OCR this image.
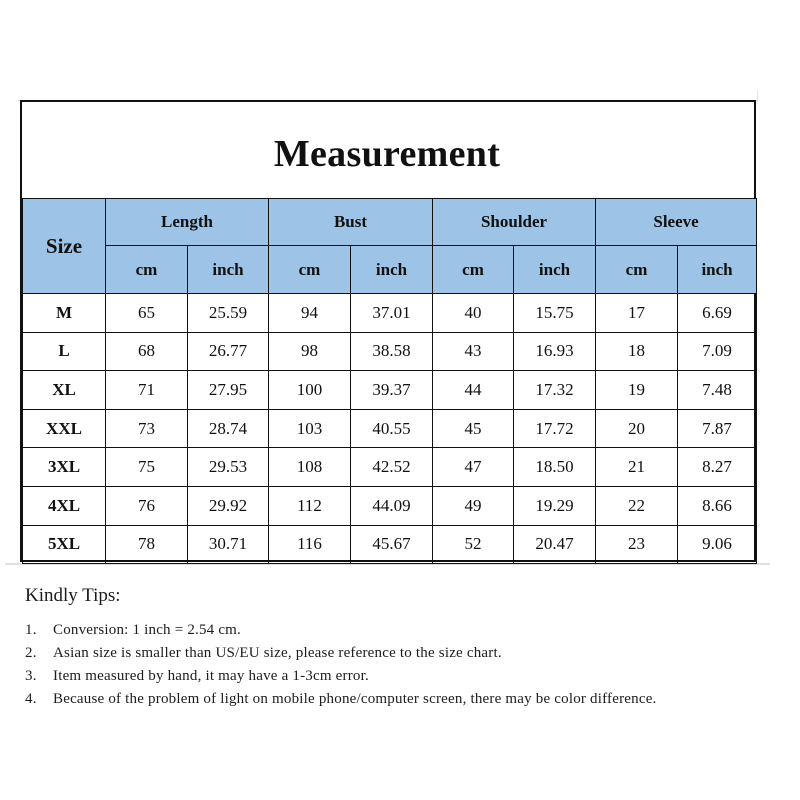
Measurement
Size	Length		Bust		Shoulder		Sleeve	
	cm	inch	cm	inch	cm	inch	cm	inch
M	65	25.59	94	37.01	40	15.75	17	6.69
L	68	26.77	98	38.58	43	16.93	18	7.09
XL	71	27.95	100	39.37	44	17.32	19	7.48
XXL	73	28.74	103	40.55	45	17.72	20	7.87
3XL	75	29.53	108	42.52	47	18.50	21	8.27
4XL	76	29.92	112	44.09	49	19.29	22	8.66
5XL	78	30.71	116	45.67	52	20.47	23	9.06

Kindly Tips:

1.	Conversion: 1 inch = 2.54 cm.
2.	Asian size is smaller than US/EU size, please reference to the size chart.
3.	Item measured by hand, it may have a 1-3cm error.
4.	Because of the problem of light on mobile phone/computer screen, there may be color difference.
